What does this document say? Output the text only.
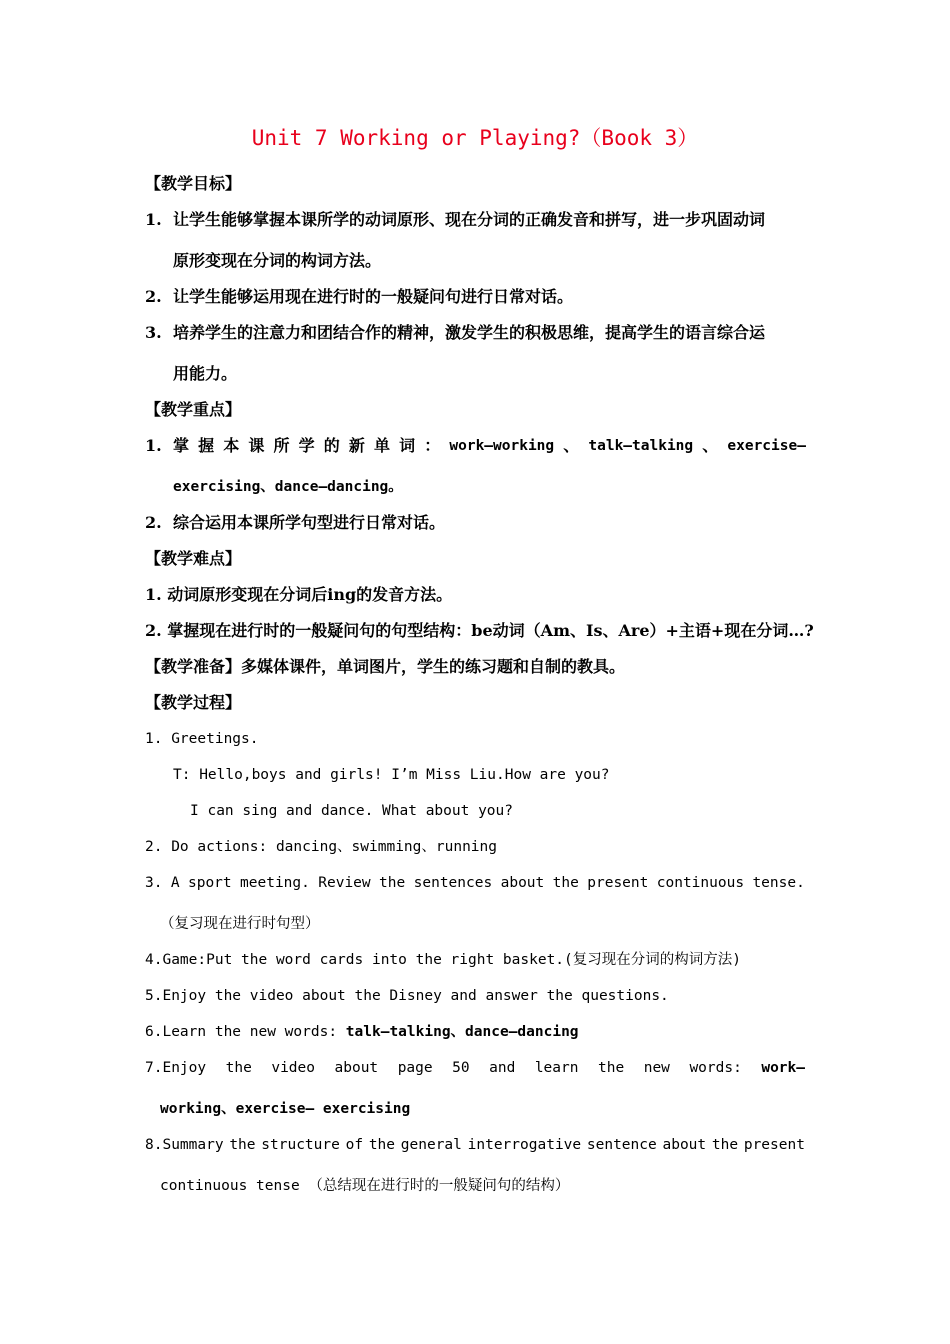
Unit 7 Working or Playing?（Book 3）
【教学目标】
1. 让学生能够掌握本课所学的动词原形、现在分词的正确发音和拼写，进一步巩固动词
原形变现在分词的构词方法。
2. 让学生能够运用现在进行时的一般疑问句进行日常对话。
3. 培养学生的注意力和团结合作的精神，激发学生的积极思维，提高学生的语言综合运
用能力。
【教学重点】
1. 掌 握 本 课 所 学 的 新 单 词 ： work—working 、 talk—talking 、 exercise—
exercising、dance—dancing。
2. 综合运用本课所学句型进行日常对话。
【教学难点】
1. 动词原形变现在分词后ing的发音方法。
2. 掌握现在进行时的一般疑问句的句型结构：be动词（Am、Is、Are）+主语+现在分词…?
【教学准备】多媒体课件，单词图片，学生的练习题和自制的教具。
【教学过程】
1. Greetings.
T: Hello,boys and girls! I’m Miss Liu.How are you?
I can sing and dance. What about you?
2. Do actions: dancing、swimming、running
3. A sport meeting. Review the sentences about the present continuous tense.
（复习现在进行时句型）
4.Game:Put the word cards into the right basket.(复习现在分词的构词方法)
5.Enjoy the video about the Disney and answer the questions.
6.Learn the new words: talk—talking、dance—dancing
7.Enjoy the video about page 50 and learn the new words: work—
working、exercise— exercising
8.Summary the structure of the general interrogative sentence about the present
continuous tense （总结现在进行时的一般疑问句的结构）
